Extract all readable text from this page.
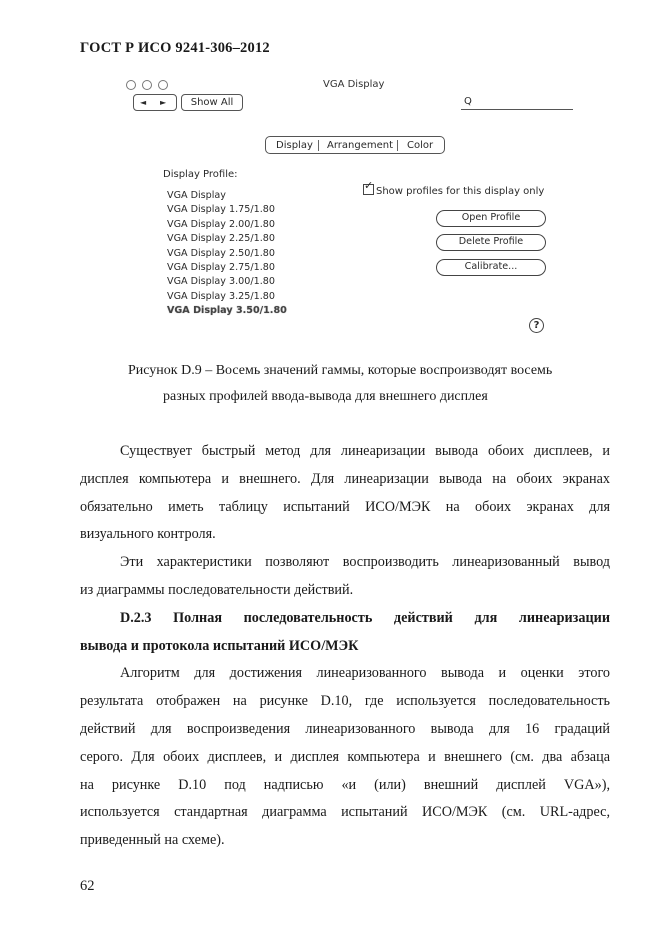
ГОСТ Р ИСО 9241-306–2012
VGA Display
◄ ►	Show All	Q
Display Arrangement Color
Display Profile:
VGA Display
VGA Display 1.75/1.80
VGA Display 2.00/1.80
VGA Display 2.25/1.80
VGA Display 2.50/1.80
VGA Display 2.75/1.80
VGA Display 3.00/1.80
VGA Display 3.25/1.80
VGA Display 3.50/1.80
✓ Show profiles for this display only
Open Profile
Delete Profile
Calibrate...
?
Рисунок D.9 – Восемь значений гаммы, которые воспроизводят восемь
разных профилей ввода-вывода для внешнего дисплея
Существует быстрый метод для линеаризации вывода обоих дисплеев, и
дисплея компьютера и внешнего. Для линеаризации вывода на обоих экранах
обязательно иметь таблицу испытаний ИСО/МЭК на обоих экранах для
визуального контроля.
Эти характеристики позволяют воспроизводить линеаризованный вывод
из диаграммы последовательности действий.
D.2.3 Полная последовательность действий для линеаризации
вывода и протокола испытаний ИСО/МЭК
Алгоритм для достижения линеаризованного вывода и оценки этого
результата отображен на рисунке D.10, где используется последовательность
действий для воспроизведения линеаризованного вывода для 16 градаций
серого. Для обоих дисплеев, и дисплея компьютера и внешнего (см. два абзаца
на рисунке D.10 под надписью «и (или) внешний дисплей VGA»),
используется стандартная диаграмма испытаний ИСО/МЭК (см. URL-адрес,
приведенный на схеме).
62
